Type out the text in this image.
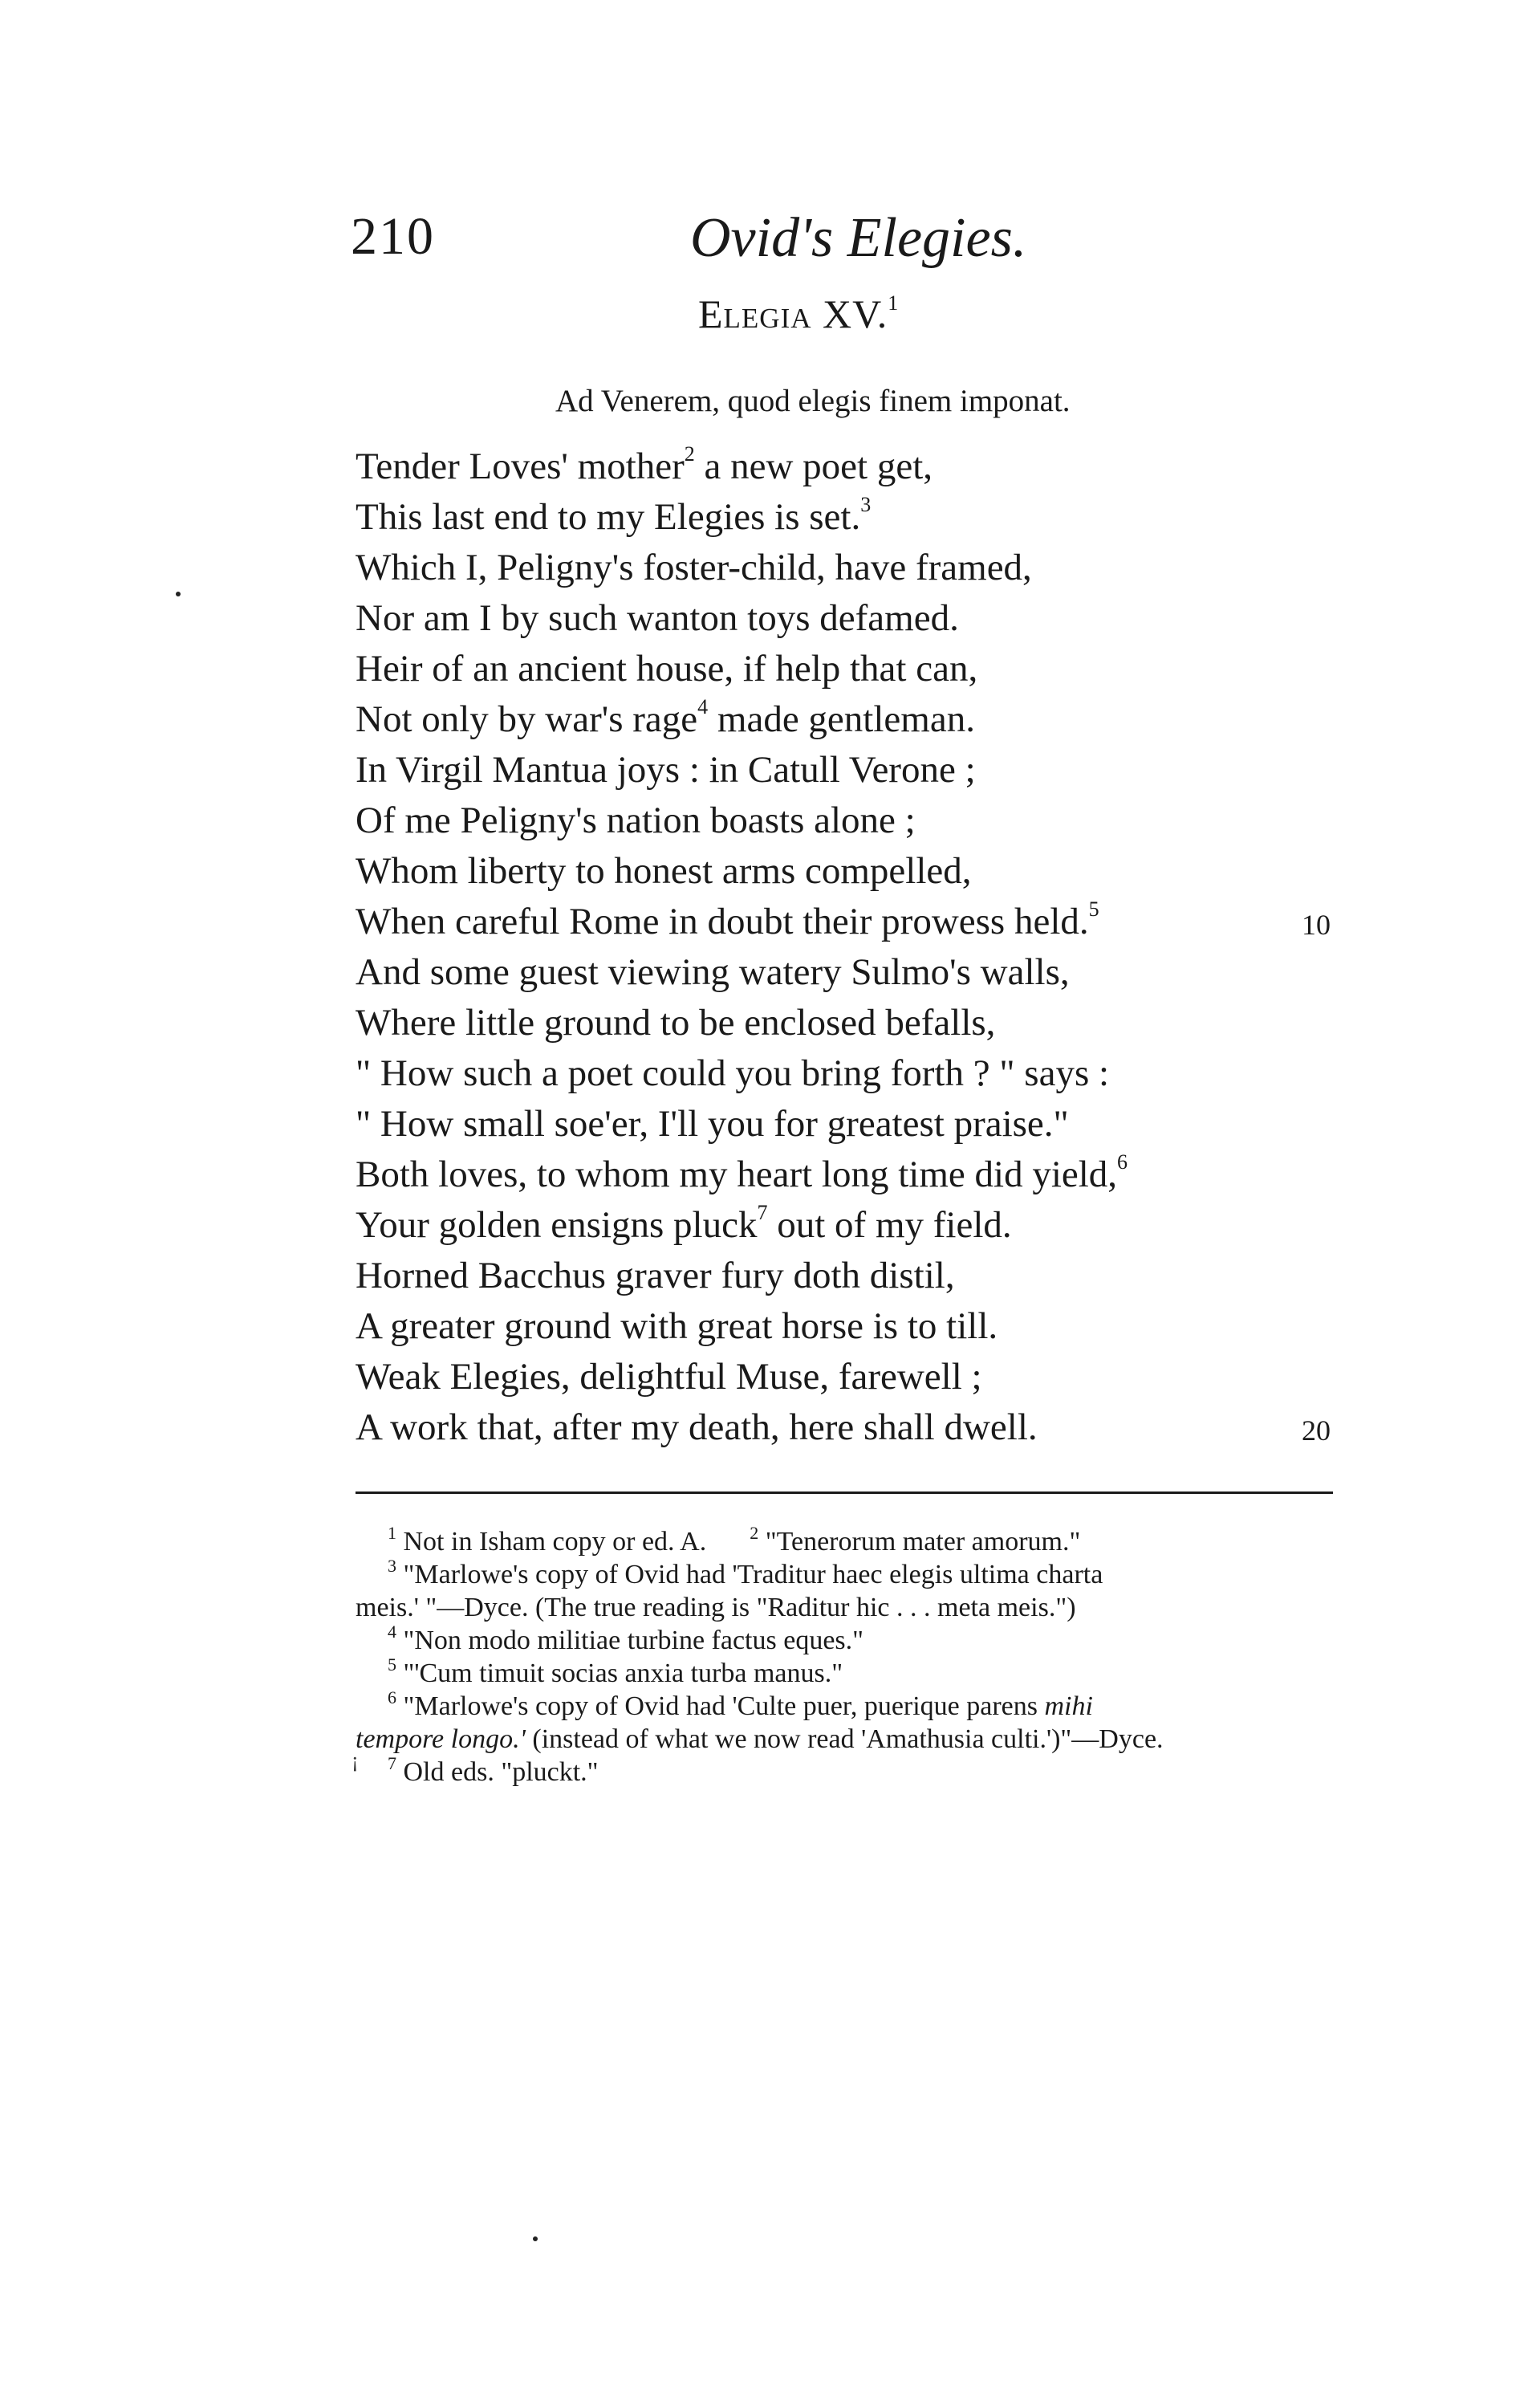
210	Ovid's Elegies.
Elegia XV.$^1$
Ad Venerem, quod elegis finem imponat.
Tender Loves' mother$^2$ a new poet get,
This last end to my Elegies is set.$^3$
Which I, Peligny's foster-child, have framed,
Nor am I by such wanton toys defamed.
Heir of an ancient house, if help that can,
Not only by war's rage$^4$ made gentleman.
In Virgil Mantua joys : in Catull Verone ;
Of me Peligny's nation boasts alone ;
Whom liberty to honest arms compelled,
When careful Rome in doubt their prowess held.$^5$	10
And some guest viewing watery Sulmo's walls,
Where little ground to be enclosed befalls,
" How such a poet could you bring forth ? " says :
" How small soe'er, I'll you for greatest praise."
Both loves, to whom my heart long time did yield,$^6$
Your golden ensigns pluck$^7$ out of my field.
Horned Bacchus graver fury doth distil,
A greater ground with great horse is to till.
Weak Elegies, delightful Muse, farewell ;
A work that, after my death, here shall dwell.	20
$^1$ Not in Isham copy or ed. A. $^2$ "Tenerorum mater amorum."
$^3$ "Marlowe's copy of Ovid had 'Traditur haec elegis ultima charta
meis.' "—Dyce. (The true reading is "Raditur hic . . . meta meis.")
$^4$ "Non modo militiae turbine factus eques."
$^5$ "'Cum timuit socias anxia turba manus."
$^6$ "Marlowe's copy of Ovid had 'Culte puer, puerique parens mihi
tempore longo.' (instead of what we now read 'Amathusia culti.')"—Dyce.
$^7$ Old eds. "pluckt."
¡
